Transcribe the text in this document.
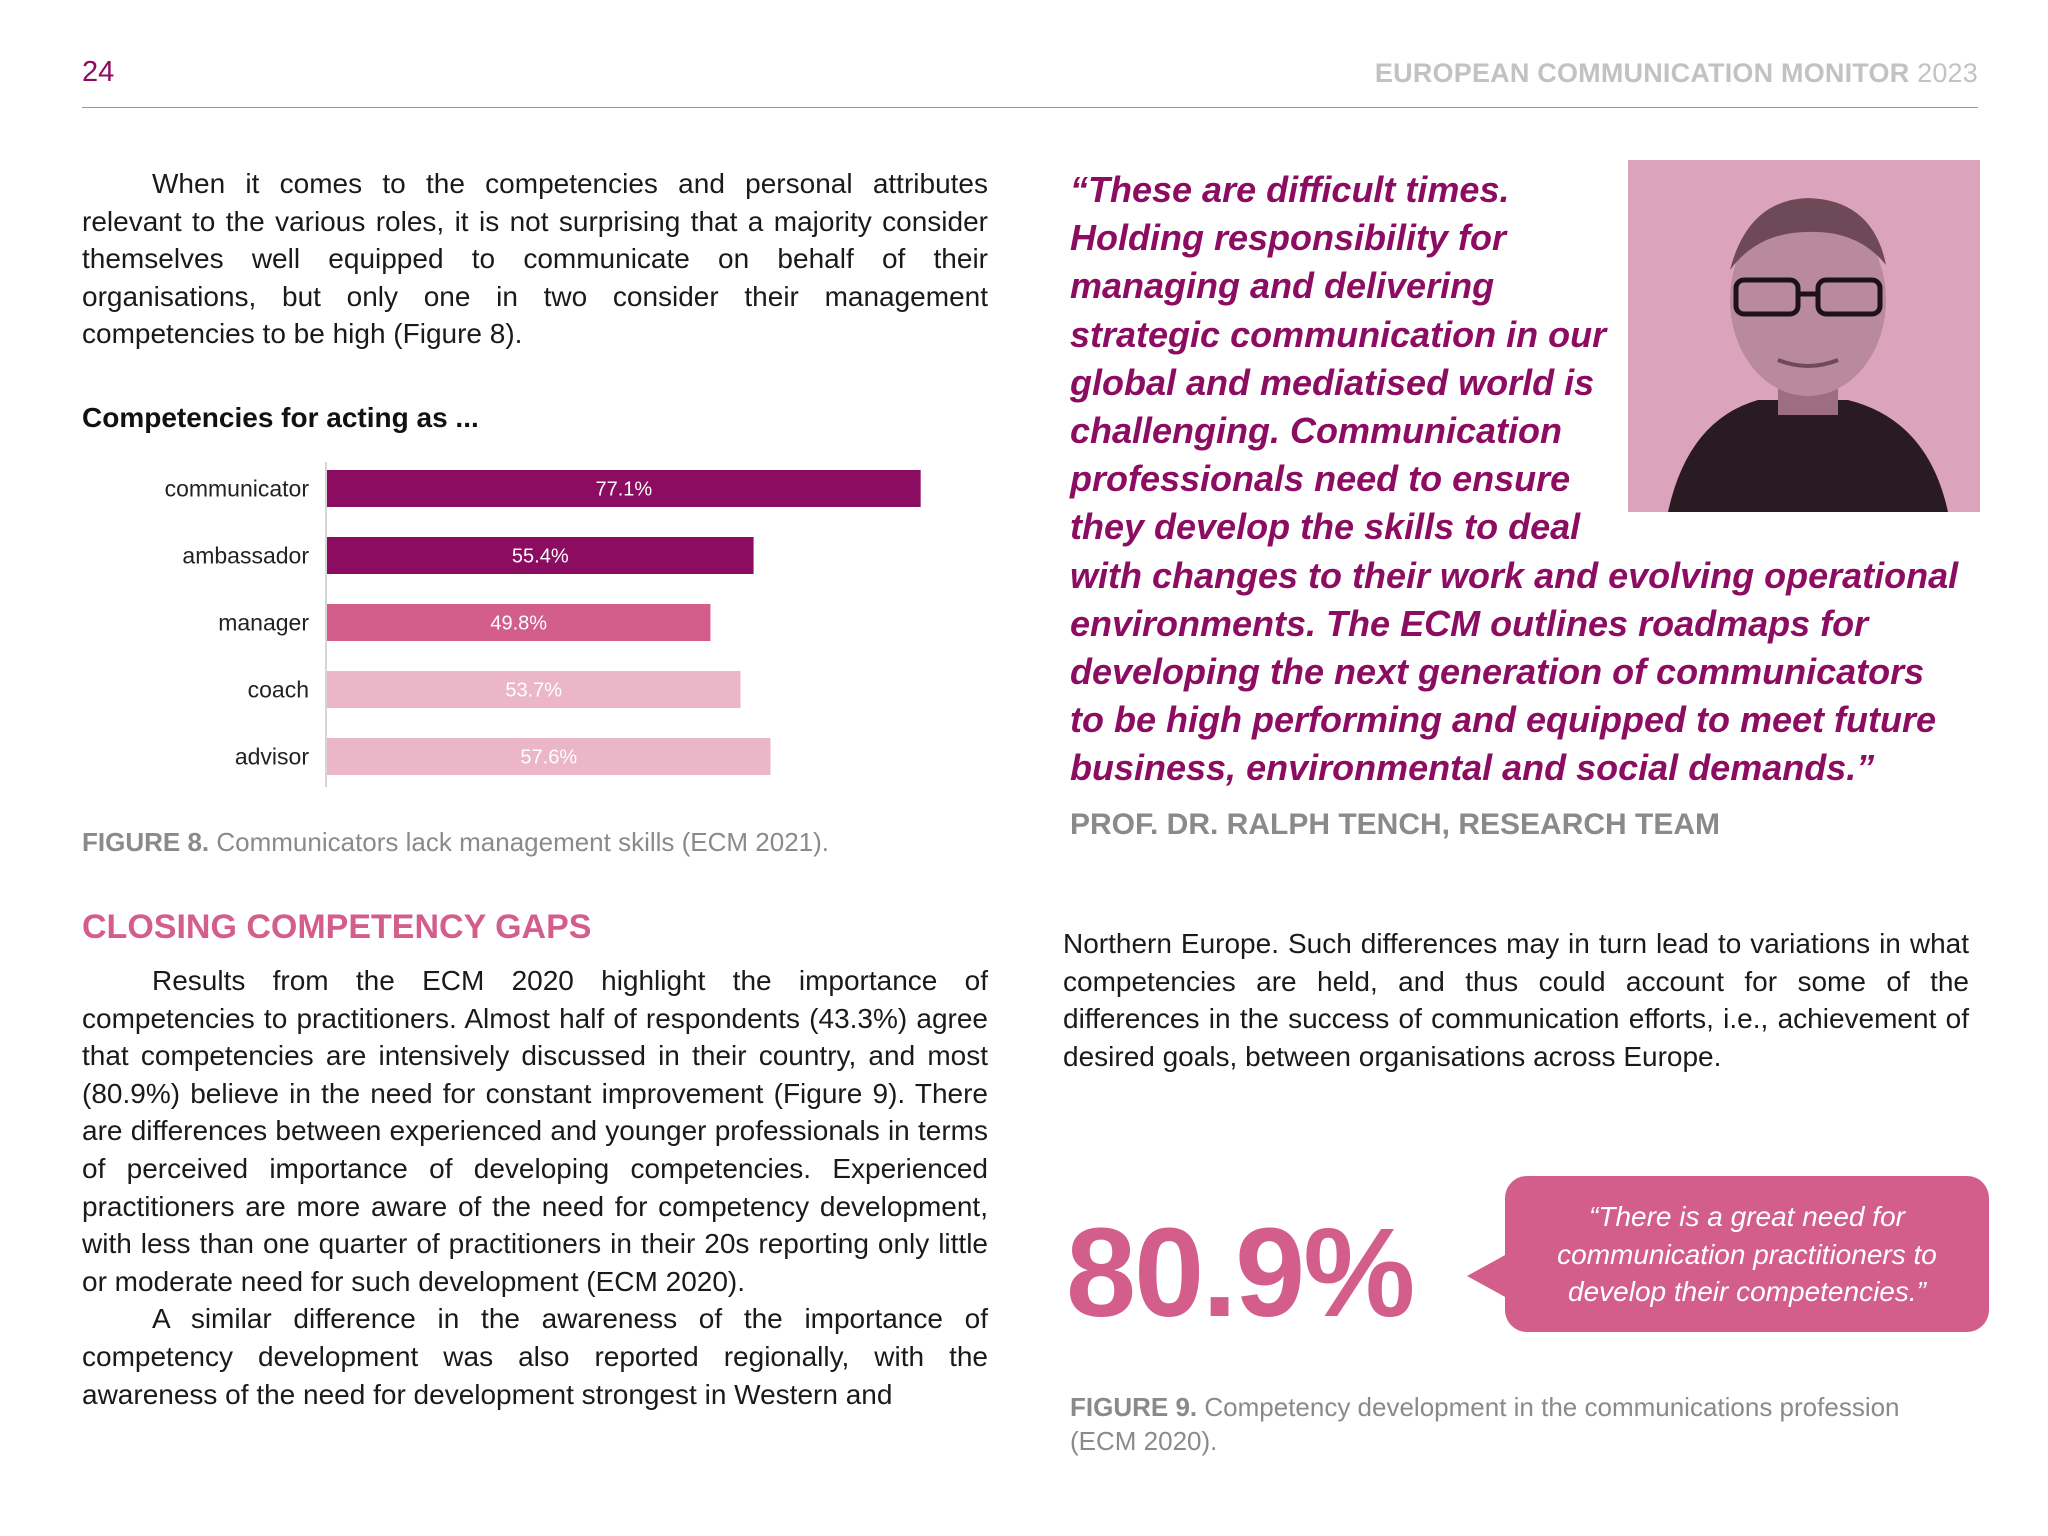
24	EUROPEAN COMMUNICATION MONITOR 2023

When it comes to the competencies and personal attributes relevant to the various roles, it is not surprising that a majority consider themselves well equipped to communicate on behalf of their organisations, but only one in two consider their management competencies to be high (Figure 8).

Competencies for acting as ...
communicator	77.1%
ambassador	55.4%
manager	49.8%
coach	53.7%
advisor	57.6%
FIGURE 8. Communicators lack management skills (ECM 2021).
CLOSING COMPETENCY GAPS

Results from the ECM 2020 highlight the importance of competencies to practitioners. Almost half of respondents (43.3%) agree that competencies are intensively discussed in their country, and most (80.9%) believe in the need for constant improvement (Figure 9). There are differences between experienced and younger professionals in terms of perceived importance of developing competencies. Experienced practitioners are more aware of the need for competency development, with less than one quarter of practitioners in their 20s reporting only little or moderate need for such development (ECM 2020).

A similar difference in the awareness of the importance of competency development was also reported regionally, with the awareness of the need for development strongest in Western and

Northern Europe. Such differences may in turn lead to variations in what competencies are held, and thus could account for some of the differences in the success of communication efforts, i.e., achievement of desired goals, between organisations across Europe.

“These are difficult times.
Holding responsibility for
managing and delivering
strategic communication in our
global and mediatised world is
challenging. Communication
professionals need to ensure
they develop the skills to deal
with changes to their work and evolving operational
environments. The ECM outlines roadmaps for
developing the next generation of communicators
to be high performing and equipped to meet future
business, environmental and social demands.”
PROF. DR. RALPH TENCH, RESEARCH TEAM
80.9%	“There is a great need for communication practitioners to develop their competencies.”
FIGURE 9. Competency development in the communications profession (ECM 2020).
